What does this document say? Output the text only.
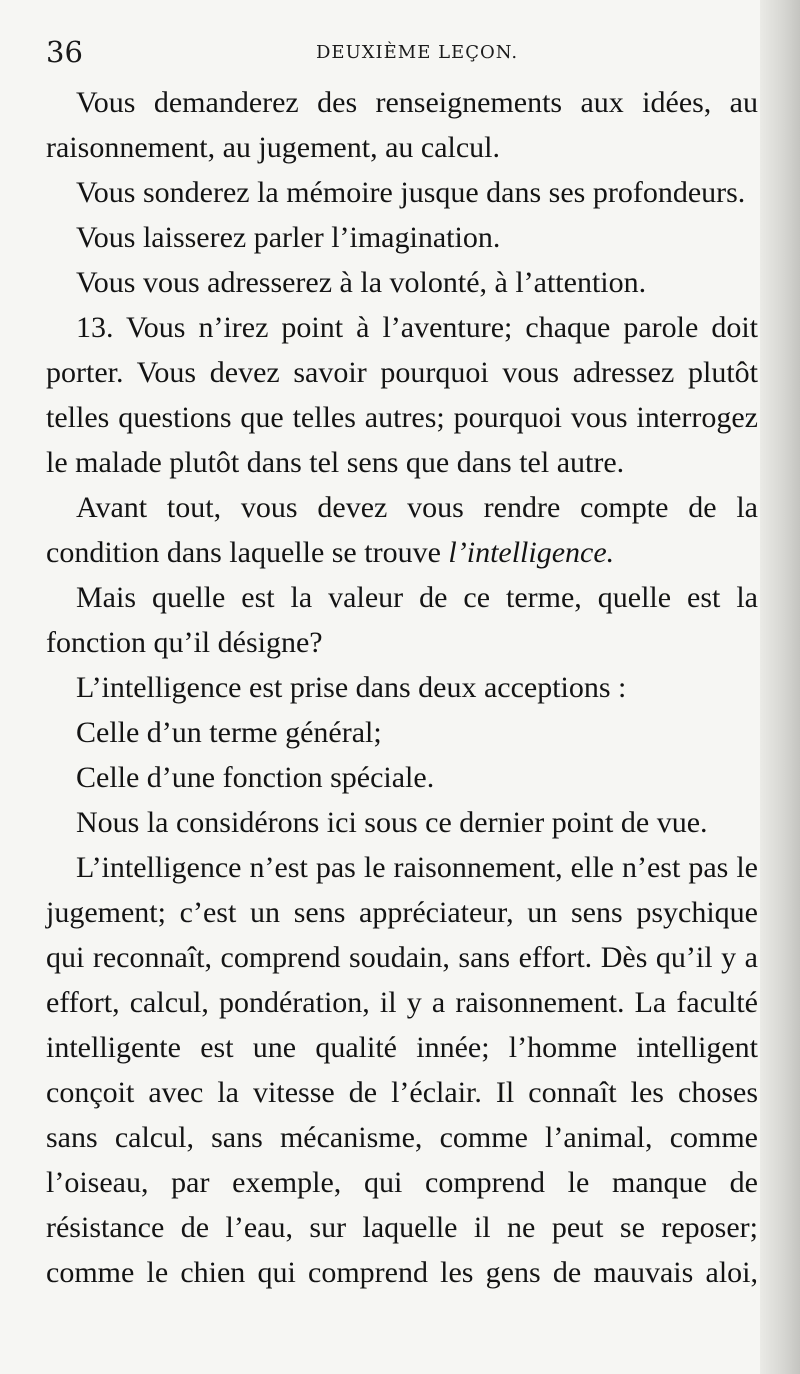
36	DEUXIÈME LEÇON.

Vous demanderez des renseignements aux idées, au raisonnement, au jugement, au calcul.

Vous sonderez la mémoire jusque dans ses profondeurs.

Vous laisserez parler l’imagination.

Vous vous adresserez à la volonté, à l’attention.

13. Vous n’irez point à l’aventure; chaque parole doit porter. Vous devez savoir pourquoi vous adressez plutôt telles questions que telles autres; pourquoi vous interrogez le malade plutôt dans tel sens que dans tel autre.

Avant tout, vous devez vous rendre compte de la condition dans laquelle se trouve l’intelligence.

Mais quelle est la valeur de ce terme, quelle est la fonction qu’il désigne?

L’intelligence est prise dans deux acceptions :

Celle d’un terme général;

Celle d’une fonction spéciale.

Nous la considérons ici sous ce dernier point de vue.

L’intelligence n’est pas le raisonnement, elle n’est pas le jugement; c’est un sens appréciateur, un sens psychique qui reconnaît, comprend soudain, sans effort. Dès qu’il y a effort, calcul, pondération, il y a raisonnement. La faculté intelligente est une qualité innée; l’homme intelligent conçoit avec la vitesse de l’éclair. Il connaît les choses sans calcul, sans mécanisme, comme l’animal, comme l’oiseau, par exemple, qui comprend le manque de résistance de l’eau, sur laquelle il ne peut se reposer; comme le chien qui comprend les gens de mauvais aloi,
